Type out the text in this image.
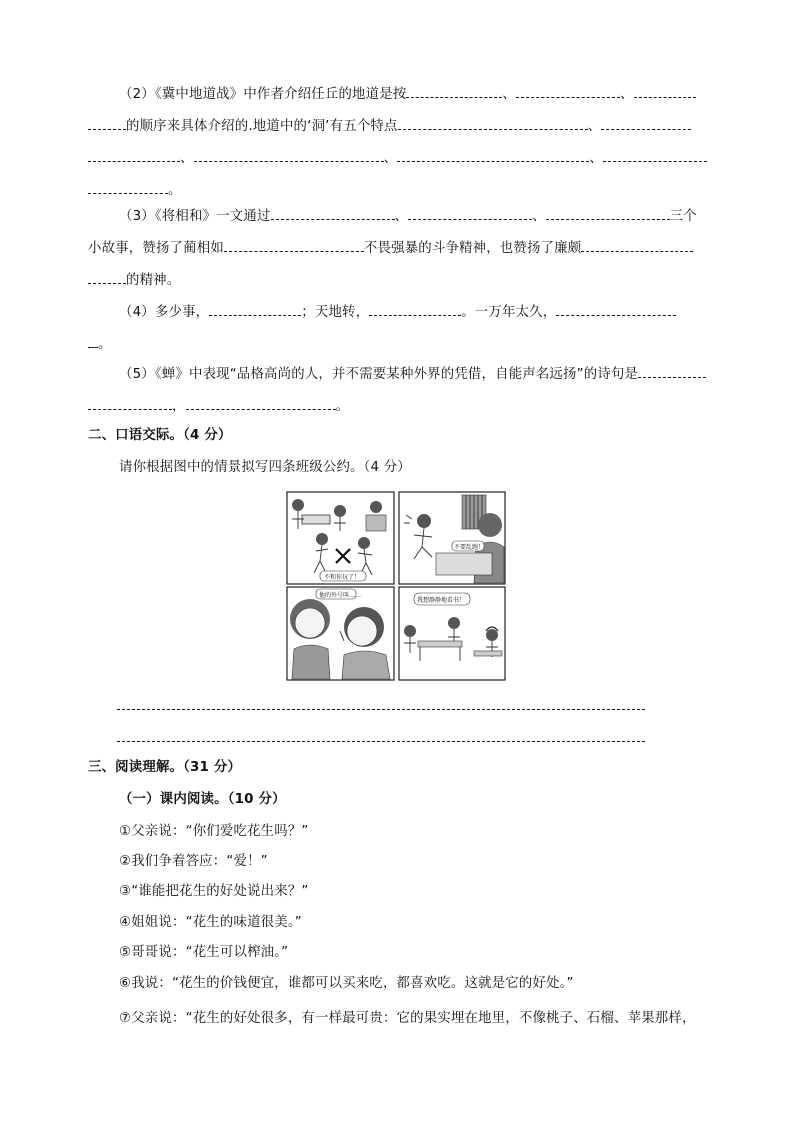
（2）《冀中地道战》中作者介绍任丘的地道是按	、	、
的顺序来具体介绍的.地道中的‘洞’有五个特点	、
、	、	、
。
（3）《将相和》一文通过	、	、	三个
小故事，赞扬了蔺相如	不畏强暴的斗争精神，也赞扬了廉颇
的精神。
（4）多少事，	；天地转，	。一万年太久，
。
（5）《蝉》中表现“品格高尚的人，并不需要某种外界的凭借，自能声名远扬”的诗句是
，	。
二、口语交际。（4 分）
请你根据图中的情景拟写四条班级公约。（4 分）
不和你玩了！
不要乱跑！
他的外号叫……
我想静静地看书！
三、阅读理解。（31 分）
（一）课内阅读。（10 分）
①父亲说：“你们爱吃花生吗？”
②我们争着答应：“爱！”
③“谁能把花生的好处说出来？”
④姐姐说：“花生的味道很美。”
⑤哥哥说：“花生可以榨油。”
⑥我说：“花生的价钱便宜，谁都可以买来吃，都喜欢吃。这就是它的好处。”
⑦父亲说：“花生的好处很多，有一样最可贵：它的果实埋在地里，不像桃子、石榴、苹果那样，
